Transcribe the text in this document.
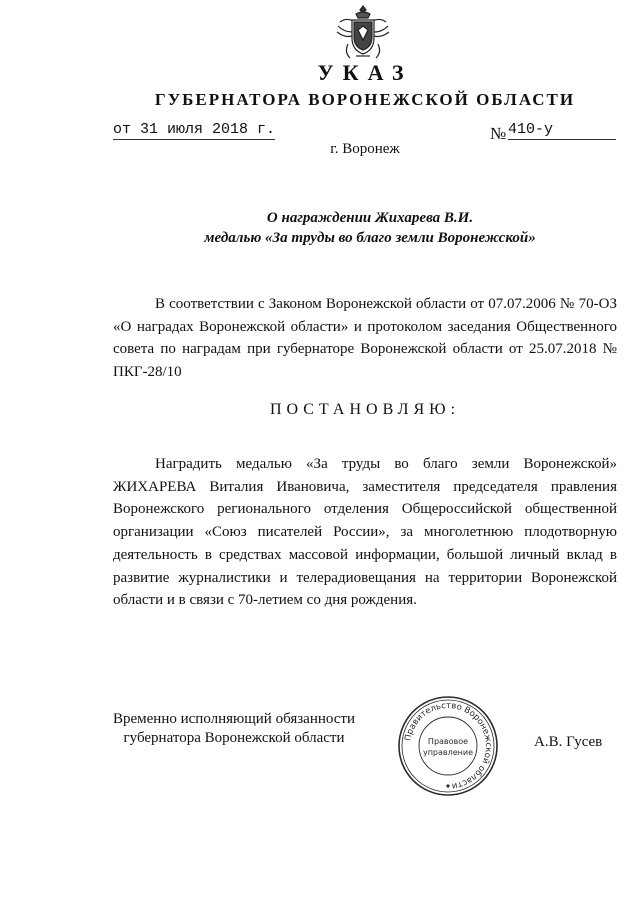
УКАЗ
ГУБЕРНАТОРА ВОРОНЕЖСКОЙ ОБЛАСТИ
от 31 июля 2018 г.	№ 410-у
г. Воронеж
О награждении Жихарева В.И.
медалью «За труды во благо земли Воронежской»
В соответствии с Законом Воронежской области от 07.07.2006 № 70-ОЗ «О наградах Воронежской области» и протоколом заседания Общественного совета по наградам при губернаторе Воронежской области от 25.07.2018 № ПКГ-28/10
ПОСТАНОВЛЯЮ:
Наградить медалью «За труды во благо земли Воронежской» ЖИХАРЕВА Виталия Ивановича, заместителя председателя правления Воронежского регионального отделения Общероссийской общественной организации «Союз писателей России», за многолетнюю плодотворную деятельность в средствах массовой информации, большой личный вклад в развитие журналистики и телерадиовещания на территории Воронежской области и в связи с 70-летием со дня рождения.
Временно исполняющий обязанности
губернатора Воронежской области	Правительство Воронежской области
Правовое
управление
А.В. Гусев
